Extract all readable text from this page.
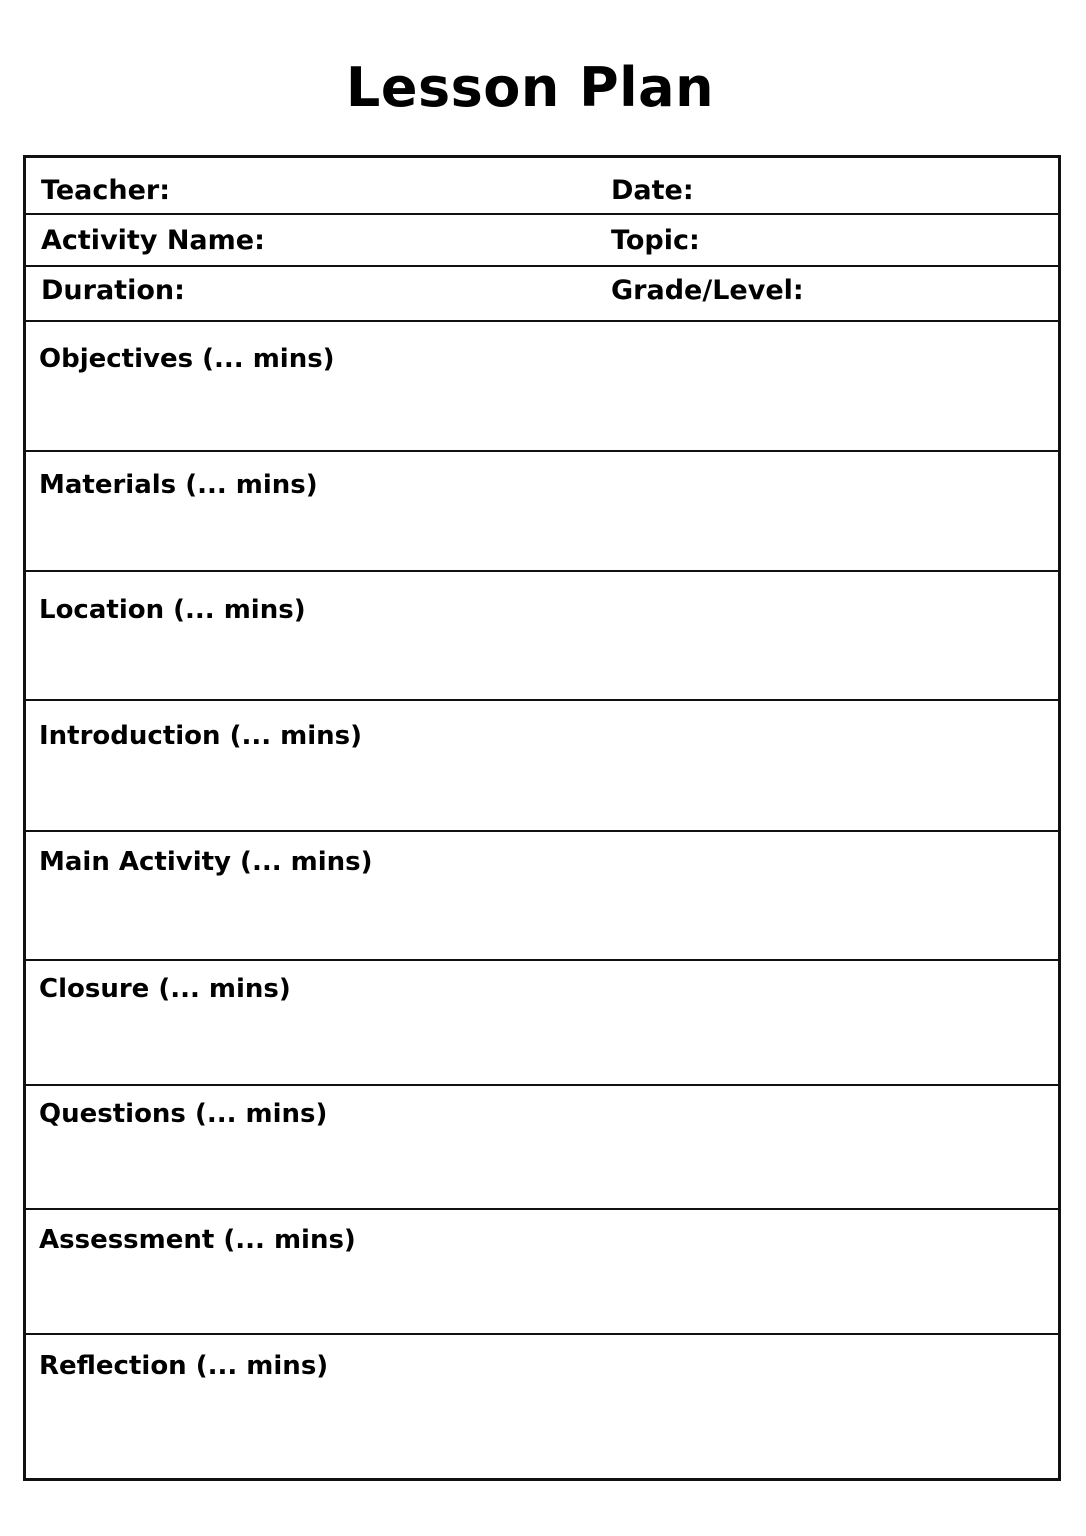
Lesson Plan
Teacher:	Date:
Activity Name:	Topic:
Duration:	Grade/Level:
Objectives (... mins)
Materials (... mins)
Location (... mins)
Introduction (... mins)
Main Activity (... mins)
Closure (... mins)
Questions (... mins)
Assessment (... mins)
Reflection (... mins)
